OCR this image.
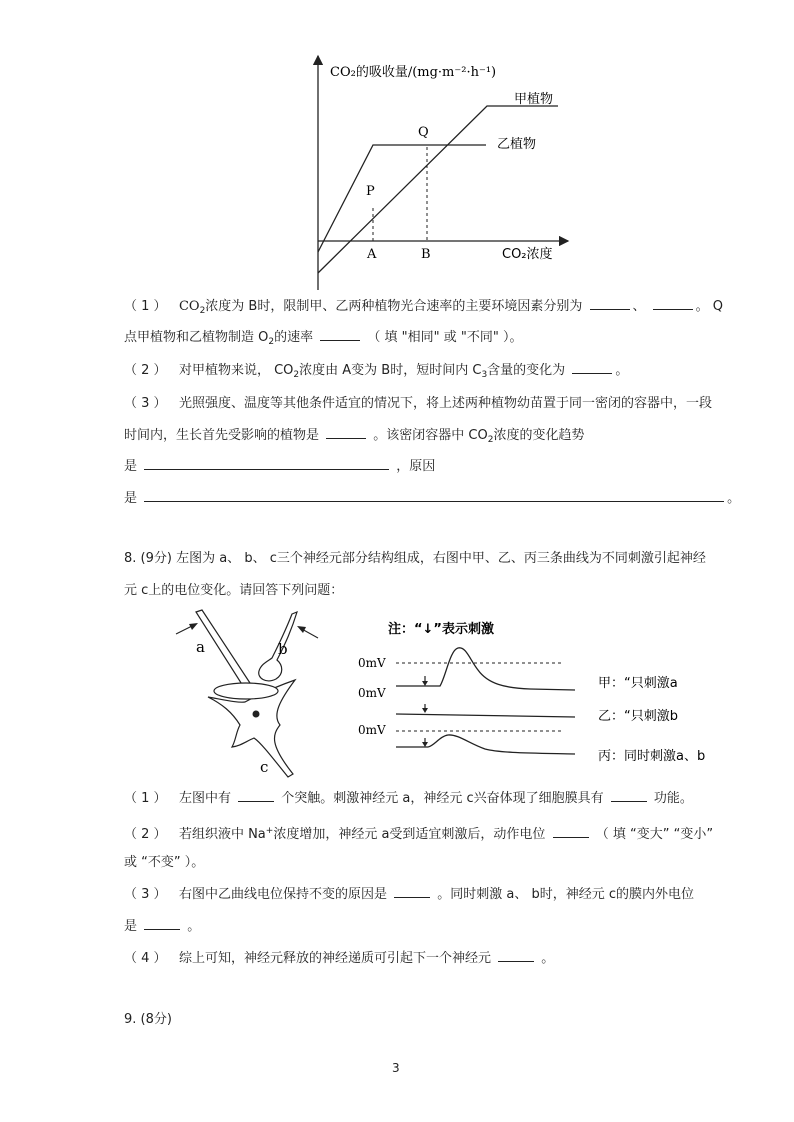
CO₂的吸收量/(mg·m⁻²·h⁻¹)
CO₂浓度
甲植物
乙植物
P
Q
A	B
（ 1 ） $CO_2$浓度为 B时，限制甲、乙两种植物光合速率的主要环境因素分别为	、	。 Q
点甲植物和乙植物制造 $O_2$的速率	（ 填 "相同" 或 "不同" ）。
（ 2 ） 对甲植物来说， $CO_2$浓度由 A变为 B时，短时间内 $C_3$含量的变化为	。
（ 3 ） 光照强度、温度等其他条件适宜的情况下，将上述两种植物幼苗置于同一密闭的容器中，一段
时间内，生长首先受影响的植物是	。该密闭容器中 $CO_2$浓度的变化趋势
是	，原因
是	。
8. (9分) 左图为 a、 b、 c三个神经元部分结构组成，右图中甲、乙、丙三条曲线为不同刺激引起神经
元 c上的电位变化。请回答下列问题：
a	b
c
注：“↓”表示刺激
0mV
甲：“只刺激a
0mV
乙：“只刺激b
0mV
丙：同时刺激a、b
（ 1 ） 左图中有	个突触。刺激神经元 a，神经元 c兴奋体现了细胞膜具有	功能。
（ 2 ） 若组织液中 Na+浓度增加，神经元 a受到适宜刺激后，动作电位	（ 填 “变大” “变小”
或 “不变” ）。
（ 3 ） 右图中乙曲线电位保持不变的原因是	。同时刺激 a、 b时，神经元 c的膜内外电位
是	。
（ 4 ） 综上可知，神经元释放的神经递质可引起下一个神经元	。
9. (8分)
3
